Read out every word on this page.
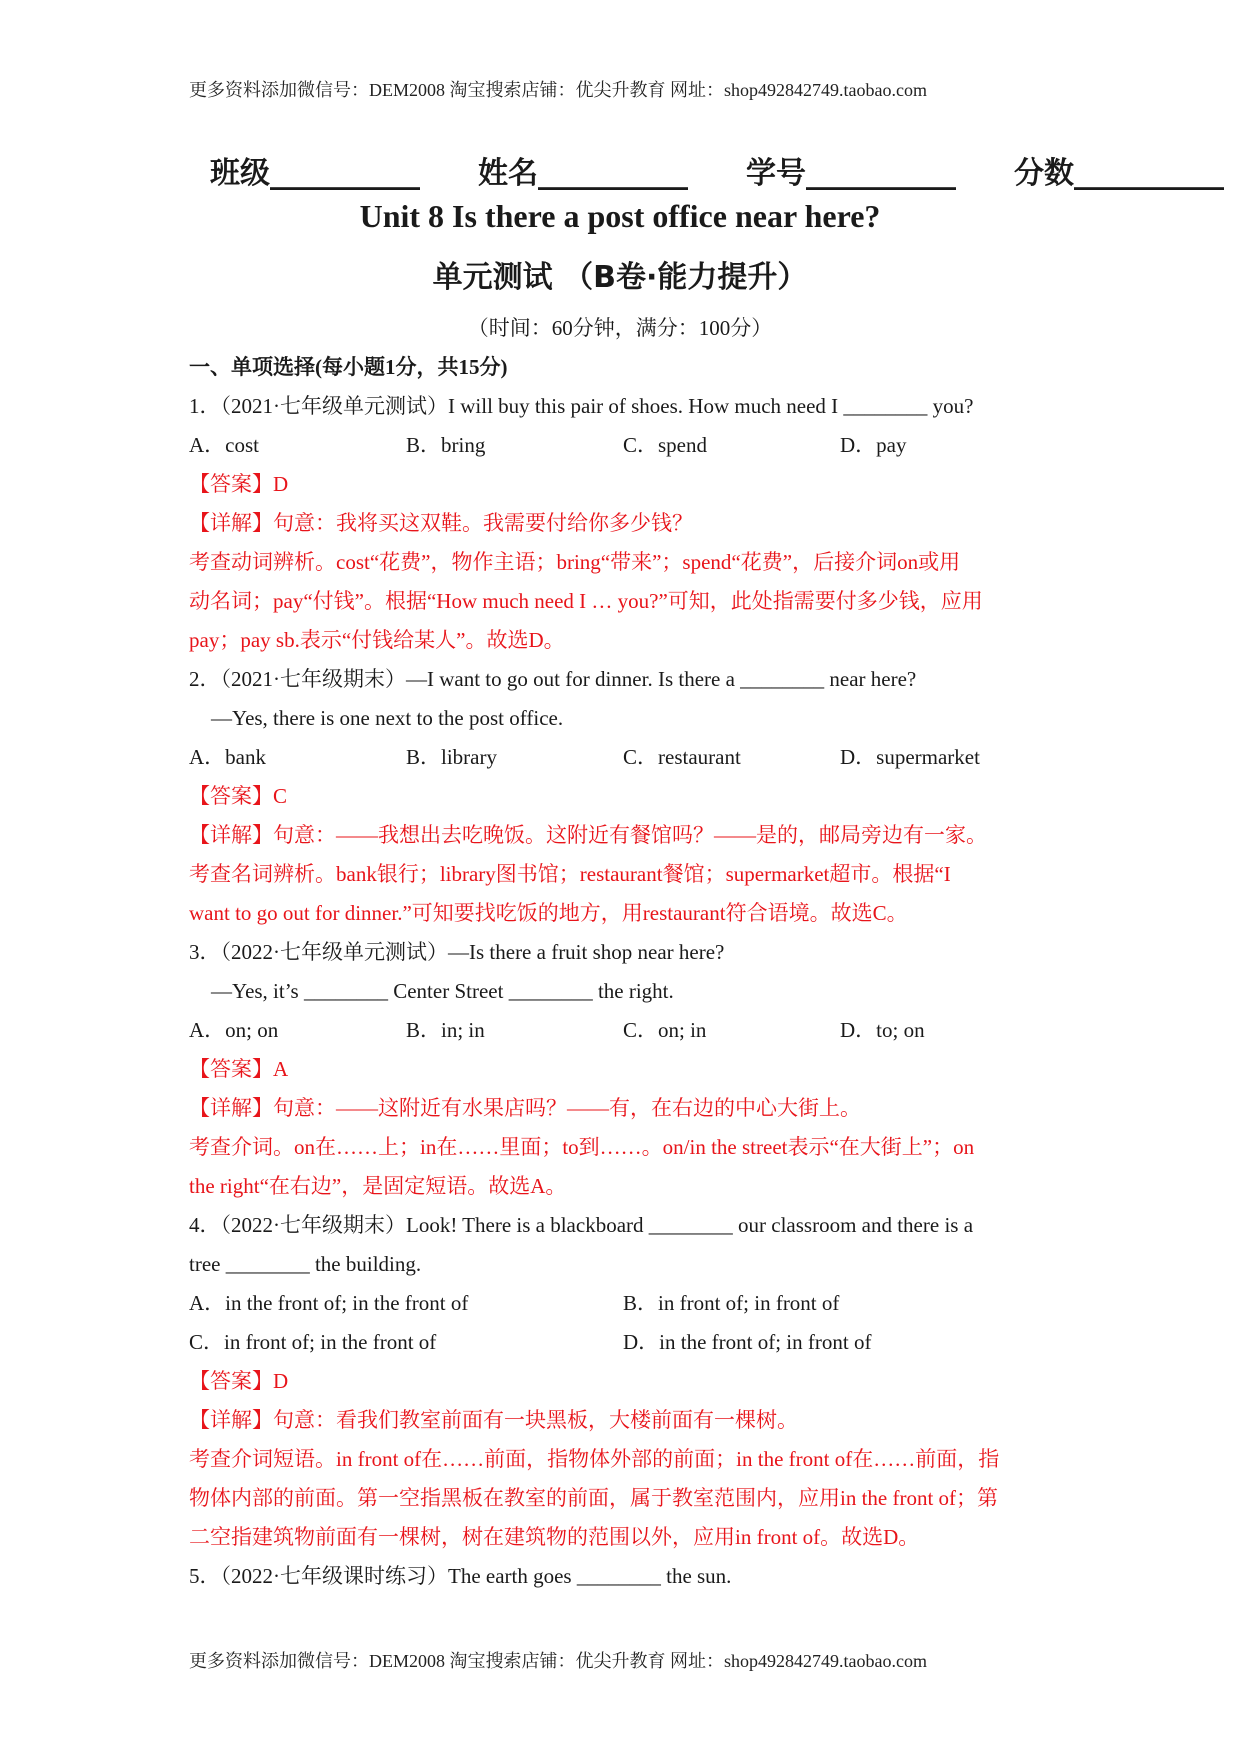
更多资料添加微信号：DEM2008 淘宝搜索店铺：优尖升教育 网址：shop492842749.taobao.com
班级__________ 姓名__________ 学号__________ 分数__________
Unit 8 Is there a post office near here?
单元测试 （B卷·能力提升）
（时间：60分钟，满分：100分）

一、单项选择(每小题1分，共15分)

1．（2021·七年级单元测试）I will buy this pair of shoes. How much need I ________ you?

A．cost	B．bring	C．spend	D．pay

【答案】D

【详解】句意：我将买这双鞋。我需要付给你多少钱？

考查动词辨析。cost“花费”，物作主语；bring“带来”；spend“花费”，后接介词on或用

动名词；pay“付钱”。根据“How much need I … you?”可知，此处指需要付多少钱，应用

pay；pay sb.表示“付钱给某人”。故选D。

2．（2021·七年级期末）—I want to go out for dinner. Is there a ________ near here?

—Yes, there is one next to the post office.

A．bank	B．library	C．restaurant	D．supermarket

【答案】C

【详解】句意：——我想出去吃晚饭。这附近有餐馆吗？——是的，邮局旁边有一家。

考查名词辨析。bank银行；library图书馆；restaurant餐馆；supermarket超市。根据“I

want to go out for dinner.”可知要找吃饭的地方，用restaurant符合语境。故选C。

3．（2022·七年级单元测试）—Is there a fruit shop near here?

—Yes, it’s ________ Center Street ________ the right.

A．on; on	B．in; in	C．on; in	D．to; on

【答案】A

【详解】句意：——这附近有水果店吗？——有，在右边的中心大街上。

考查介词。on在……上；in在……里面；to到……。on/in the street表示“在大街上”；on

the right“在右边”，是固定短语。故选A。

4．（2022·七年级期末）Look! There is a blackboard ________ our classroom and there is a

tree ________ the building.

A．in the front of; in the front of	B．in front of; in front of
C．in front of; in the front of	D．in the front of; in front of

【答案】D

【详解】句意：看我们教室前面有一块黑板，大楼前面有一棵树。

考查介词短语。in front of在……前面，指物体外部的前面；in the front of在……前面，指

物体内部的前面。第一空指黑板在教室的前面，属于教室范围内，应用in the front of；第

二空指建筑物前面有一棵树，树在建筑物的范围以外，应用in front of。故选D。

5．（2022·七年级课时练习）The earth goes ________ the sun.

更多资料添加微信号：DEM2008 淘宝搜索店铺：优尖升教育 网址：shop492842749.taobao.com
